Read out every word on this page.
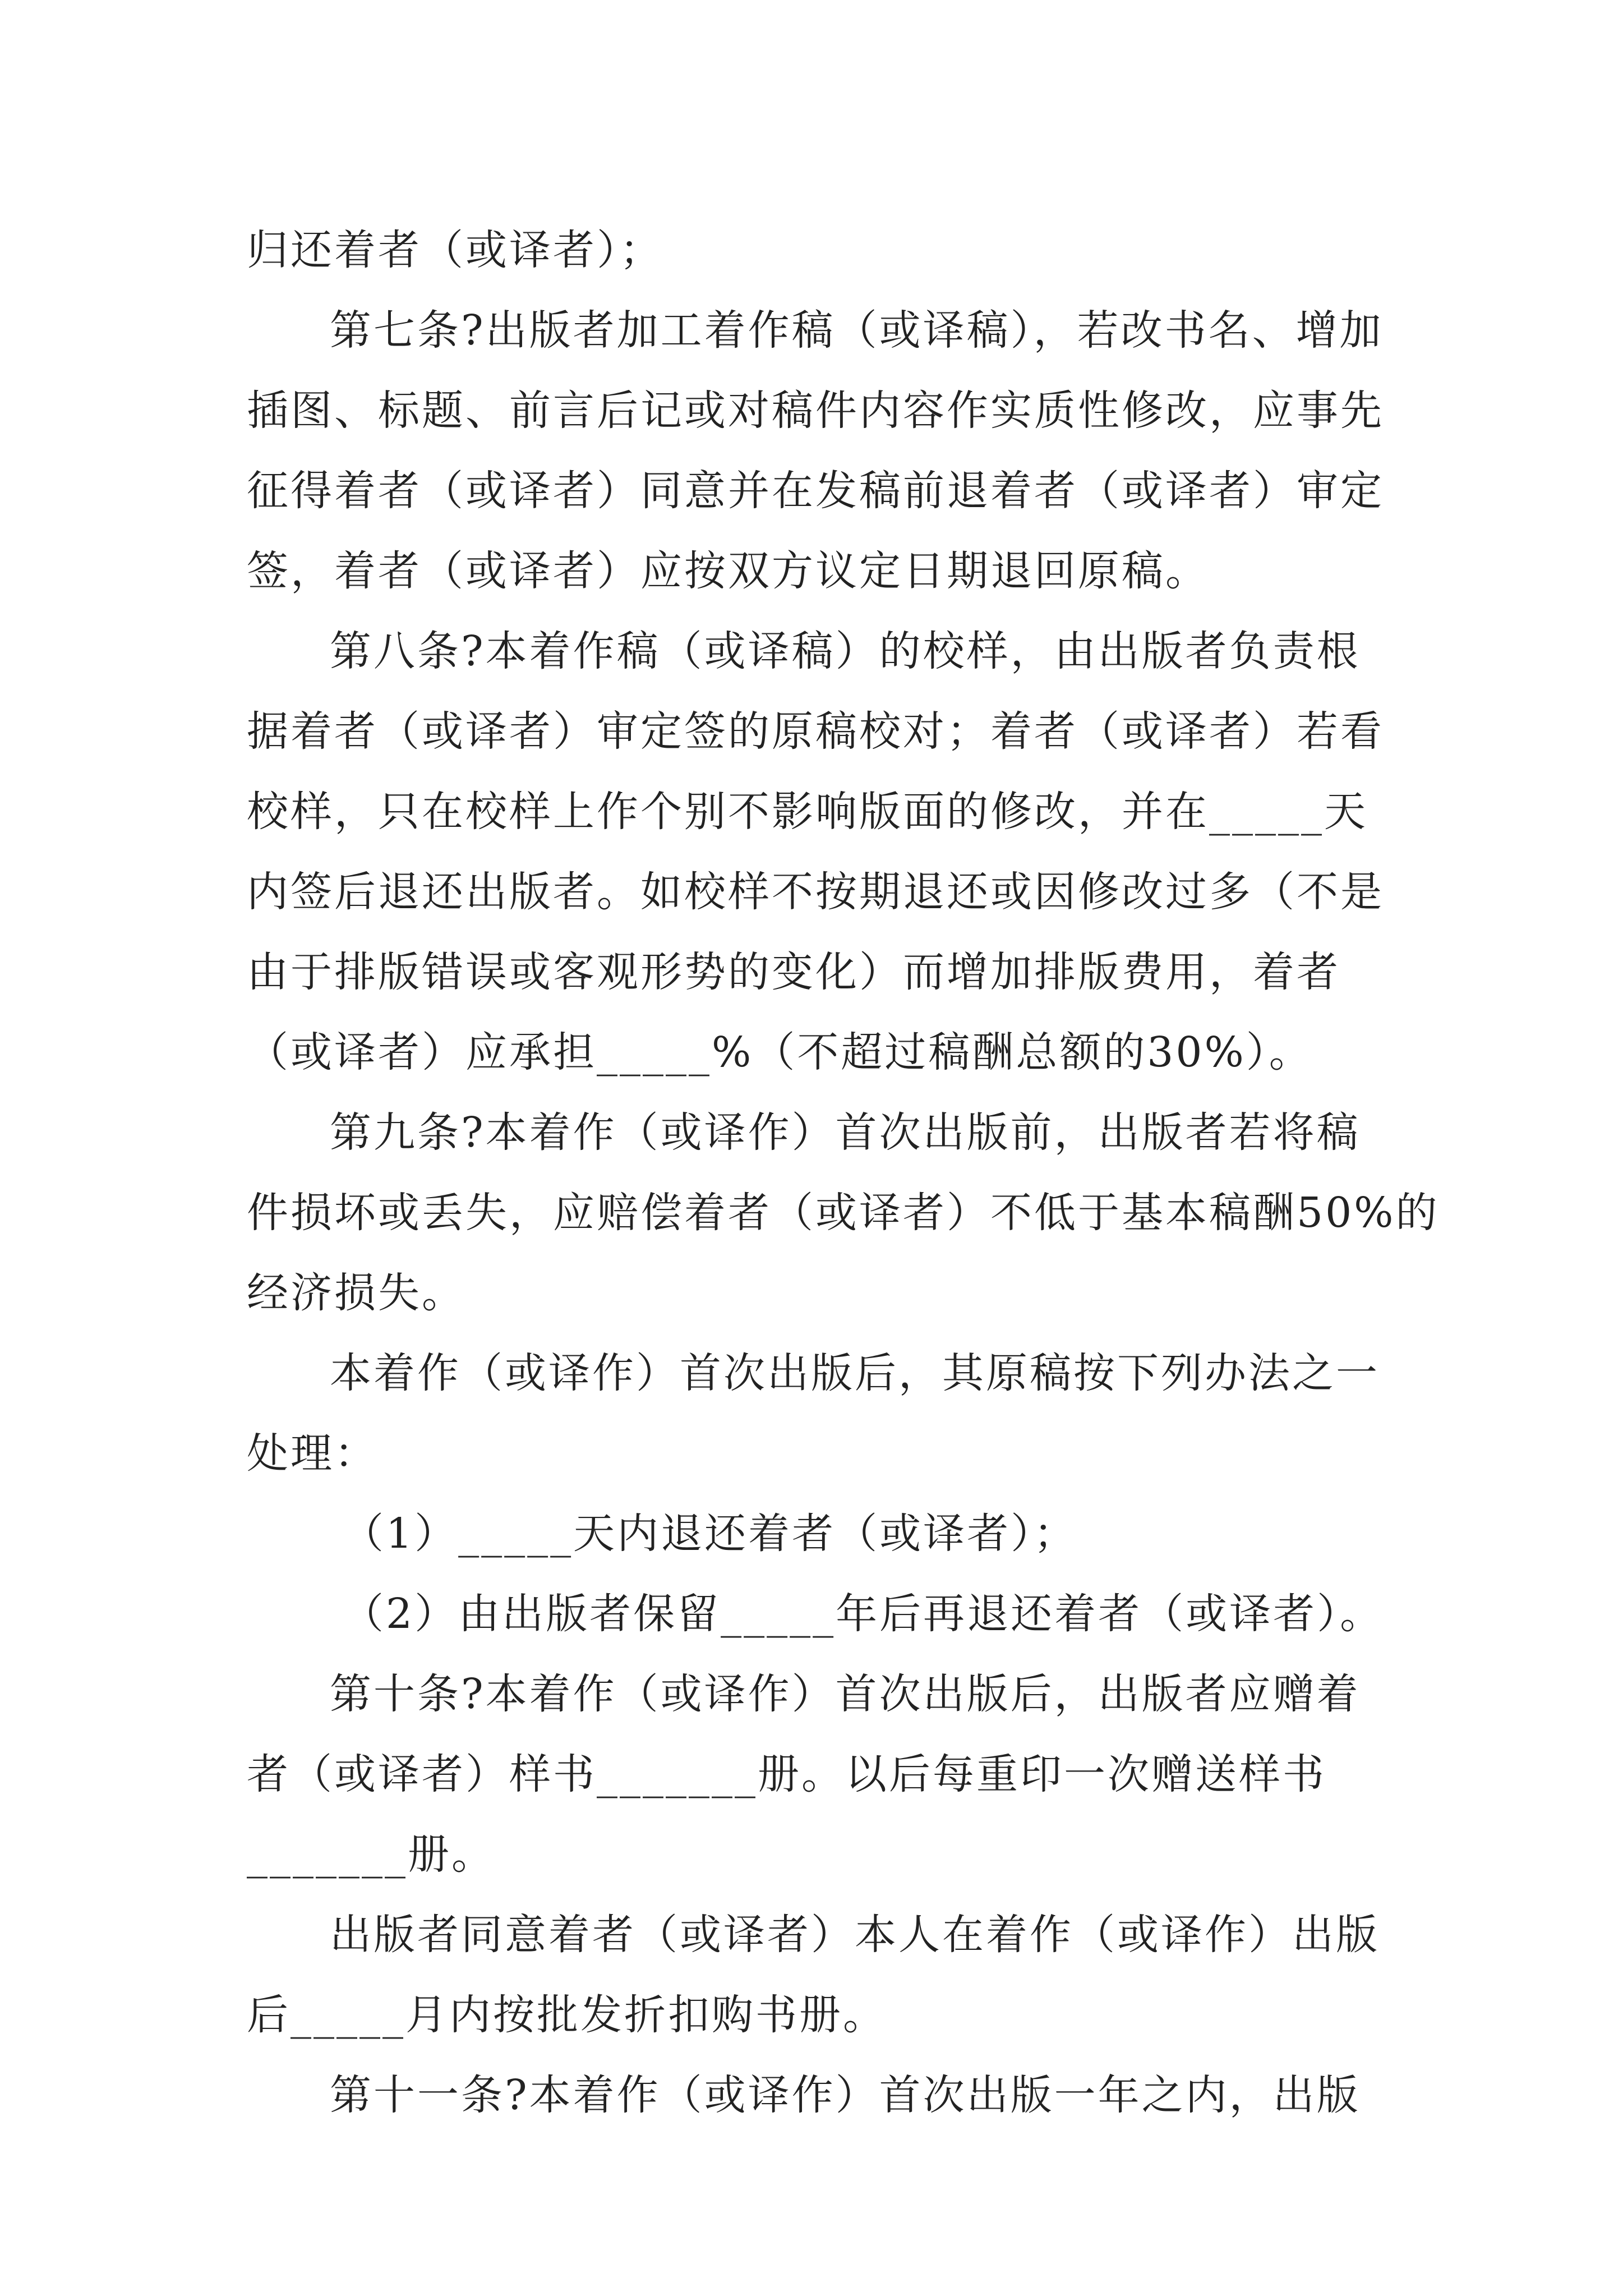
归还着者（或译者）；
第七条?出版者加工着作稿（或译稿），若改书名、增加
插图、标题、前言后记或对稿件内容作实质性修改，应事先
征得着者（或译者）同意并在发稿前退着者（或译者）审定
签，着者（或译者）应按双方议定日期退回原稿。
第八条?本着作稿（或译稿）的校样，由出版者负责根
据着者（或译者）审定签的原稿校对；着者（或译者）若看
校样，只在校样上作个别不影响版面的修改，并在_____天
内签后退还出版者。如校样不按期退还或因修改过多（不是
由于排版错误或客观形势的变化）而增加排版费用，着者
（或译者）应承担_____%（不超过稿酬总额的30%）。
第九条?本着作（或译作）首次出版前，出版者若将稿
件损坏或丢失，应赔偿着者（或译者）不低于基本稿酬50%的
经济损失。
本着作（或译作）首次出版后，其原稿按下列办法之一
处理：
（1）_____天内退还着者（或译者）；
（2）由出版者保留_____年后再退还着者（或译者）。
第十条?本着作（或译作）首次出版后，出版者应赠着
者（或译者）样书_______册。以后每重印一次赠送样书
_______册。
出版者同意着者（或译者）本人在着作（或译作）出版
后_____月内按批发折扣购书册。
第十一条?本着作（或译作）首次出版一年之内，出版
